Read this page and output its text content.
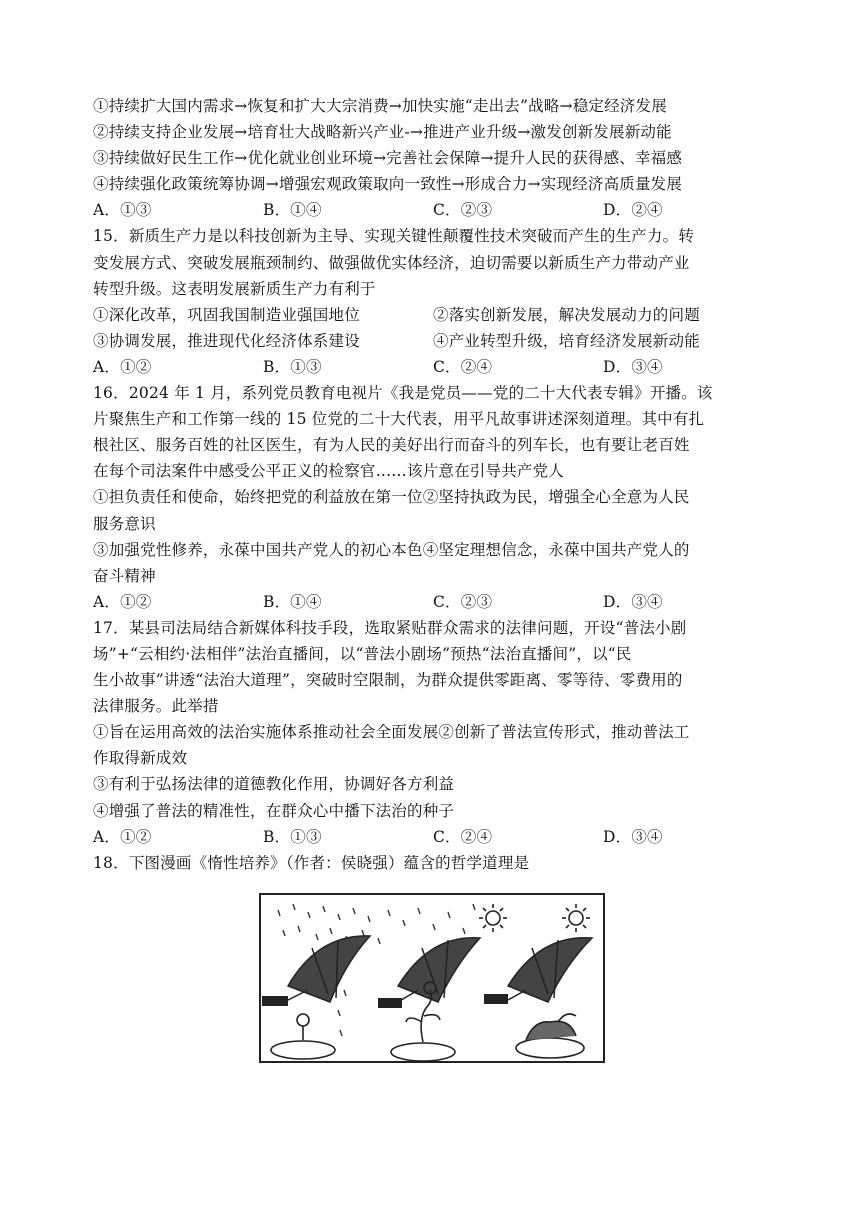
①持续扩大国内需求→恢复和扩大大宗消费→加快实施“走出去”战略→稳定经济发展
②持续支持企业发展→培育壮大战略新兴产业-→推进产业升级→激发创新发展新动能
③持续做好民生工作→优化就业创业环境→完善社会保障→提升人民的获得感、幸福感
④持续强化政策统筹协调→增强宏观政策取向一致性→形成合力→实现经济高质量发展
A．①③	B．①④	C．②③	D．②④
15．新质生产力是以科技创新为主导、实现关键性颠覆性技术突破而产生的生产力。转
变发展方式、突破发展瓶颈制约、做强做优实体经济，迫切需要以新质生产力带动产业
转型升级。这表明发展新质生产力有利于
①深化改革，巩固我国制造业强国地位	②落实创新发展，解决发展动力的问题
③协调发展，推进现代化经济体系建设	④产业转型升级，培育经济发展新动能
A．①②	B．①③	C．②④	D．③④
16．2024 年 1 月，系列党员教育电视片《我是党员——党的二十大代表专辑》开播。该
片聚焦生产和工作第一线的 15 位党的二十大代表，用平凡故事讲述深刻道理。其中有扎
根社区、服务百姓的社区医生，有为人民的美好出行而奋斗的列车长，也有要让老百姓
在每个司法案件中感受公平正义的检察官……该片意在引导共产党人
①担负责任和使命，始终把党的利益放在第一位②坚持执政为民，增强全心全意为人民
服务意识
③加强党性修养，永葆中国共产党人的初心本色④坚定理想信念，永葆中国共产党人的
奋斗精神
A．①②	B．①④	C．②③	D．③④
17．某县司法局结合新媒体科技手段，选取紧贴群众需求的法律问题，开设“普法小剧
场”+“云相约·法相伴”法治直播间，以“普法小剧场”预热“法治直播间”，以“民
生小故事”讲透“法治大道理”，突破时空限制，为群众提供零距离、零等待、零费用的
法律服务。此举措
①旨在运用高效的法治实施体系推动社会全面发展②创新了普法宣传形式，推动普法工
作取得新成效
③有利于弘扬法律的道德教化作用，协调好各方利益
④增强了普法的精准性，在群众心中播下法治的种子
A．①②	B．①③	C．②④	D．③④
18．下图漫画《惰性培养》（作者：侯晓强）蕴含的哲学道理是
~
